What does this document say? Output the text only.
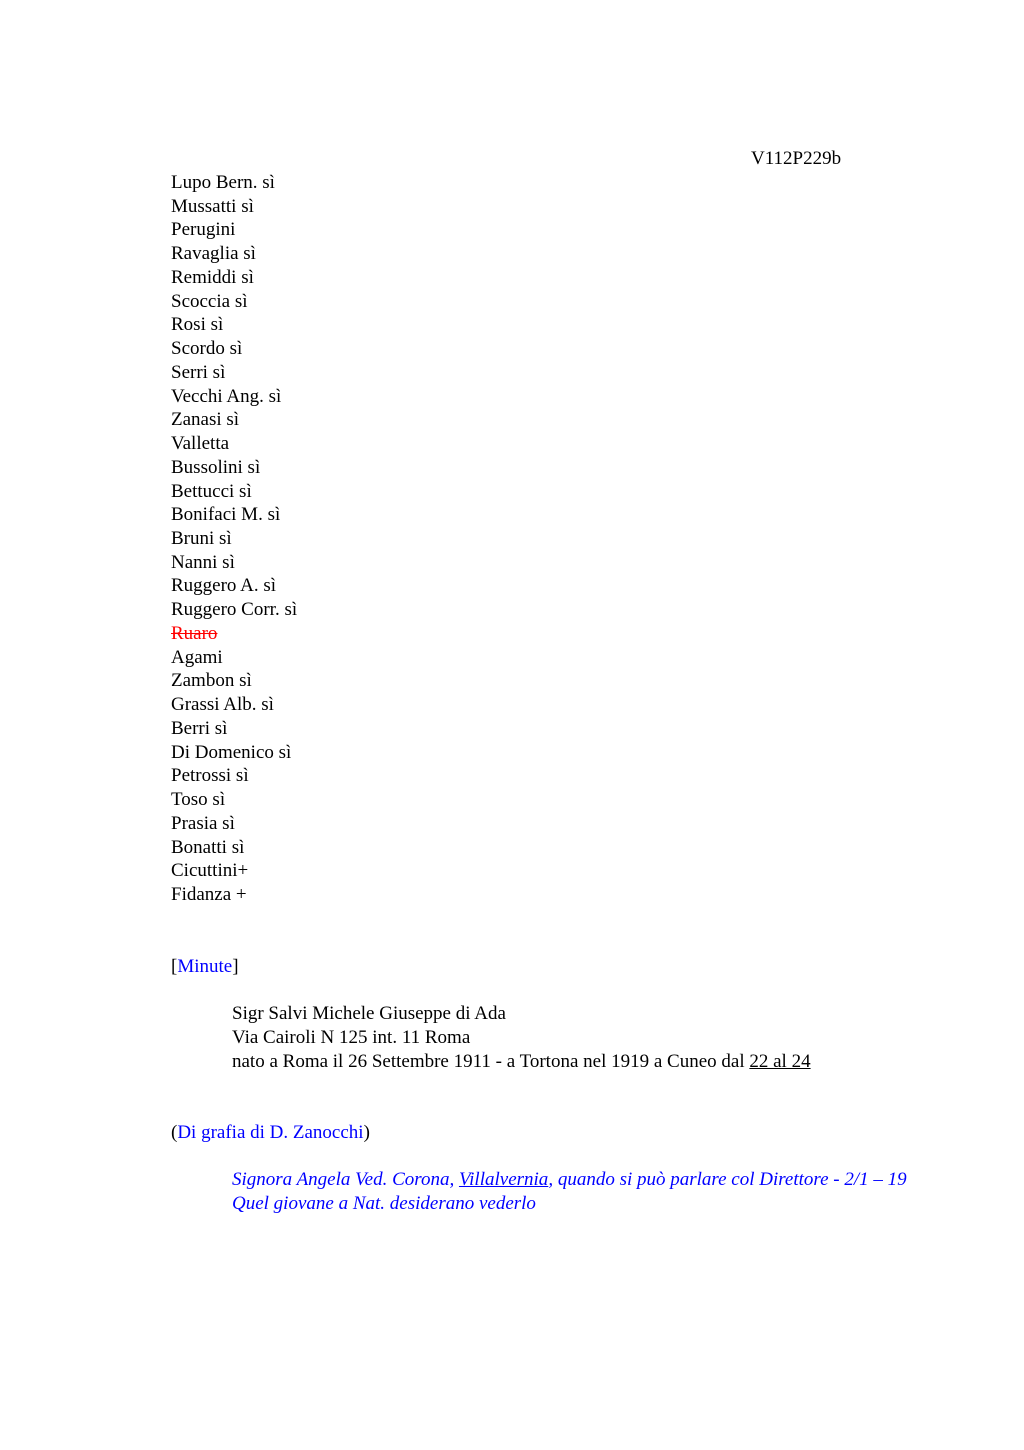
V112P229b
Lupo Bern. sì
Mussatti sì
Perugini
Ravaglia sì
Remiddi sì
Scoccia sì
Rosi sì
Scordo sì
Serri sì
Vecchi Ang. sì
Zanasi sì
Valletta
Bussolini sì
Bettucci sì
Bonifaci M. sì
Bruni sì
Nanni sì
Ruggero A. sì
Ruggero Corr. sì
Ruaro
Agami
Zambon sì
Grassi Alb. sì
Berri sì
Di Domenico sì
Petrossi sì
Toso sì
Prasia sì
Bonatti sì
Cicuttini+
Fidanza +
[Minute]
Sigr Salvi Michele Giuseppe di Ada
Via Cairoli N 125 int. 11 Roma
nato a Roma il 26 Settembre 1911 - a Tortona nel 1919 a Cuneo dal 22 al 24
(Di grafia di D. Zanocchi)
Signora Angela Ved. Corona, Villalvernia, quando si può parlare col Direttore - 2/1 – 19
Quel giovane a Nat. desiderano vederlo
